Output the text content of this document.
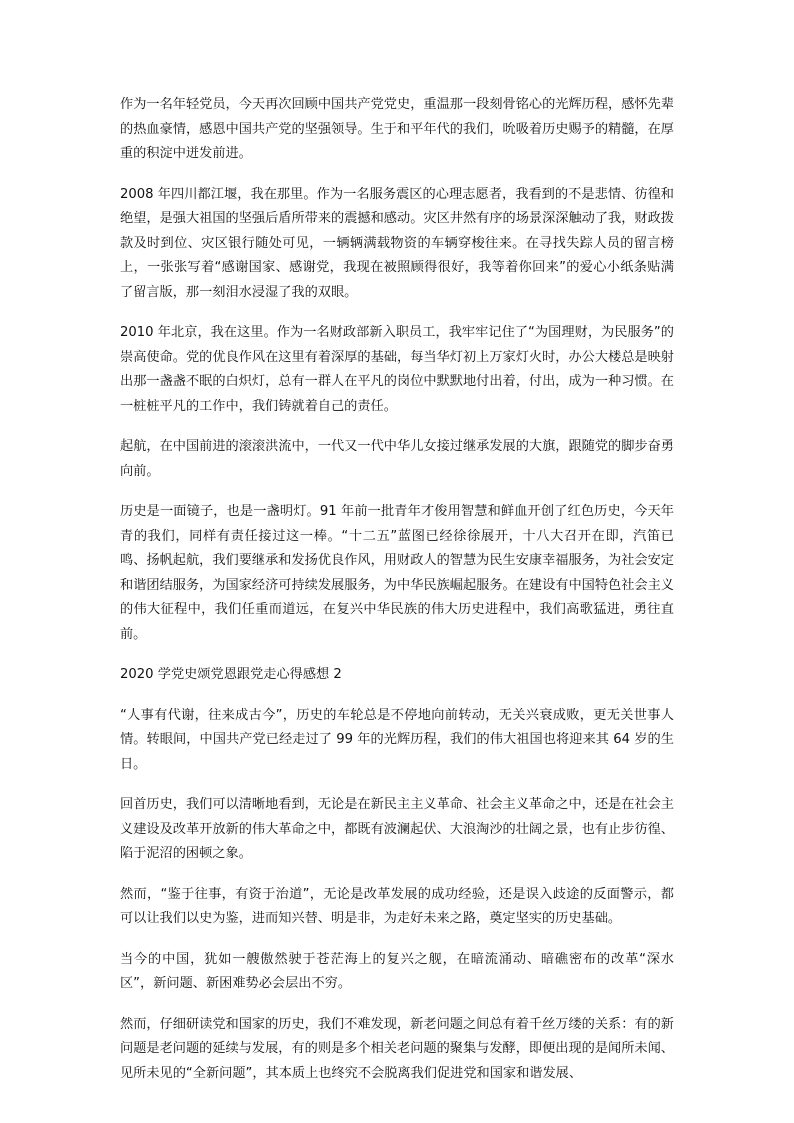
作为一名年轻党员，今天再次回顾中国共产党党史，重温那一段刻骨铭心的光辉历程，感怀先辈的热血豪情，感恩中国共产党的坚强领导。生于和平年代的我们，吮吸着历史赐予的精髓，在厚重的积淀中迸发前进。

2008 年四川都江堰，我在那里。作为一名服务震区的心理志愿者，我看到的不是悲情、彷徨和绝望，是强大祖国的坚强后盾所带来的震撼和感动。灾区井然有序的场景深深触动了我，财政拨款及时到位、灾区银行随处可见，一辆辆满载物资的车辆穿梭往来。在寻找失踪人员的留言榜上，一张张写着“感谢国家、感谢党，我现在被照顾得很好，我等着你回来”的爱心小纸条贴满了留言版，那一刻泪水浸湿了我的双眼。

2010 年北京，我在这里。作为一名财政部新入职员工，我牢牢记住了“为国理财，为民服务”的崇高使命。党的优良作风在这里有着深厚的基础，每当华灯初上万家灯火时，办公大楼总是映射出那一盏盏不眠的白炽灯，总有一群人在平凡的岗位中默默地付出着，付出，成为一种习惯。在一桩桩平凡的工作中，我们铸就着自己的责任。

起航，在中国前进的滚滚洪流中，一代又一代中华儿女接过继承发展的大旗，跟随党的脚步奋勇向前。

历史是一面镜子，也是一盏明灯。91 年前一批青年才俊用智慧和鲜血开创了红色历史，今天年青的我们，同样有责任接过这一棒。“十二五”蓝图已经徐徐展开，十八大召开在即，汽笛已鸣、扬帆起航，我们要继承和发扬优良作风，用财政人的智慧为民生安康幸福服务，为社会安定和谐团结服务，为国家经济可持续发展服务，为中华民族崛起服务。在建设有中国特色社会主义的伟大征程中，我们任重而道远，在复兴中华民族的伟大历史进程中，我们高歌猛进，勇往直前。

2020 学党史颂党恩跟党走心得感想 2

“人事有代谢，往来成古今”，历史的车轮总是不停地向前转动，无关兴衰成败，更无关世事人情。转眼间，中国共产党已经走过了 99 年的光辉历程，我们的伟大祖国也将迎来其 64 岁的生日。

回首历史，我们可以清晰地看到，无论是在新民主主义革命、社会主义革命之中，还是在社会主义建设及改革开放新的伟大革命之中，都既有波澜起伏、大浪淘沙的壮阔之景，也有止步彷徨、陷于泥沼的困顿之象。

然而，“鉴于往事，有资于治道”，无论是改革发展的成功经验，还是误入歧途的反面警示，都可以让我们以史为鉴，进而知兴替、明是非，为走好未来之路，奠定坚实的历史基础。

当今的中国，犹如一艘傲然驶于苍茫海上的复兴之舰，在暗流涌动、暗礁密布的改革“深水区”，新问题、新困难势必会层出不穷。

然而，仔细研读党和国家的历史，我们不难发现，新老问题之间总有着千丝万缕的关系：有的新问题是老问题的延续与发展，有的则是多个相关老问题的聚集与发酵，即便出现的是闻所未闻、见所未见的“全新问题”，其本质上也终究不会脱离我们促进党和国家和谐发展、
